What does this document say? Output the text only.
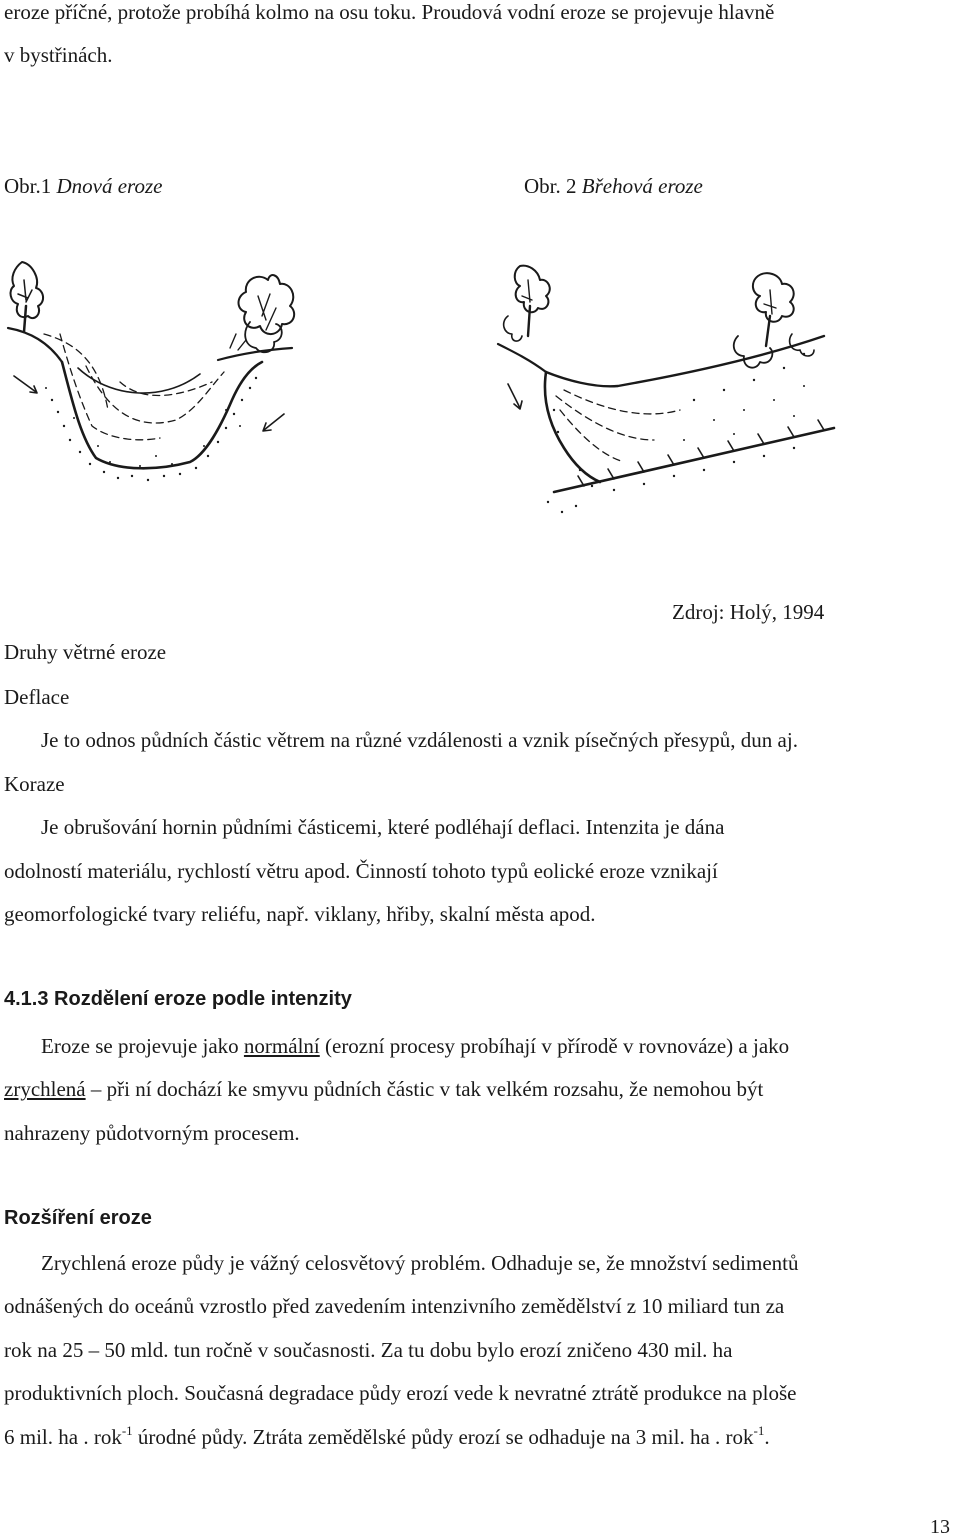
eroze příčné, protože probíhá kolmo na osu toku. Proudová vodní eroze se projevuje hlavně
v bystřinách.
Obr.1 Dnová eroze	Obr. 2 Břehová eroze
Zdroj: Holý, 1994
Druhy větrné eroze
Deflace
Je to odnos půdních částic větrem na různé vzdálenosti a vznik písečných přesypů, dun aj.
Koraze
Je obrušování hornin půdními částicemi, které podléhají deflaci. Intenzita je dána
odolností materiálu, rychlostí větru apod. Činností tohoto typů eolické eroze vznikají
geomorfologické tvary reliéfu, např. viklany, hřiby, skalní města apod.
4.1.3 Rozdělení eroze podle intenzity
Eroze se projevuje jako normální (erozní procesy probíhají v přírodě v rovnováze) a jako
zrychlená – při ní dochází ke smyvu půdních částic v tak velkém rozsahu, že nemohou být
nahrazeny půdotvorným procesem.
Rozšíření eroze
Zrychlená eroze půdy je vážný celosvětový problém. Odhaduje se, že množství sedimentů
odnášených do oceánů vzrostlo před zavedením intenzivního zemědělství z 10 miliard tun za
rok na 25 – 50 mld. tun ročně v současnosti. Za tu dobu bylo erozí zničeno 430 mil. ha
produktivních ploch. Současná degradace půdy erozí vede k nevratné ztrátě produkce na ploše
6 mil. ha . rok$^{-1}$ úrodné půdy. Ztráta zemědělské půdy erozí se odhaduje na 3 mil. ha . rok$^{-1}$.
13
